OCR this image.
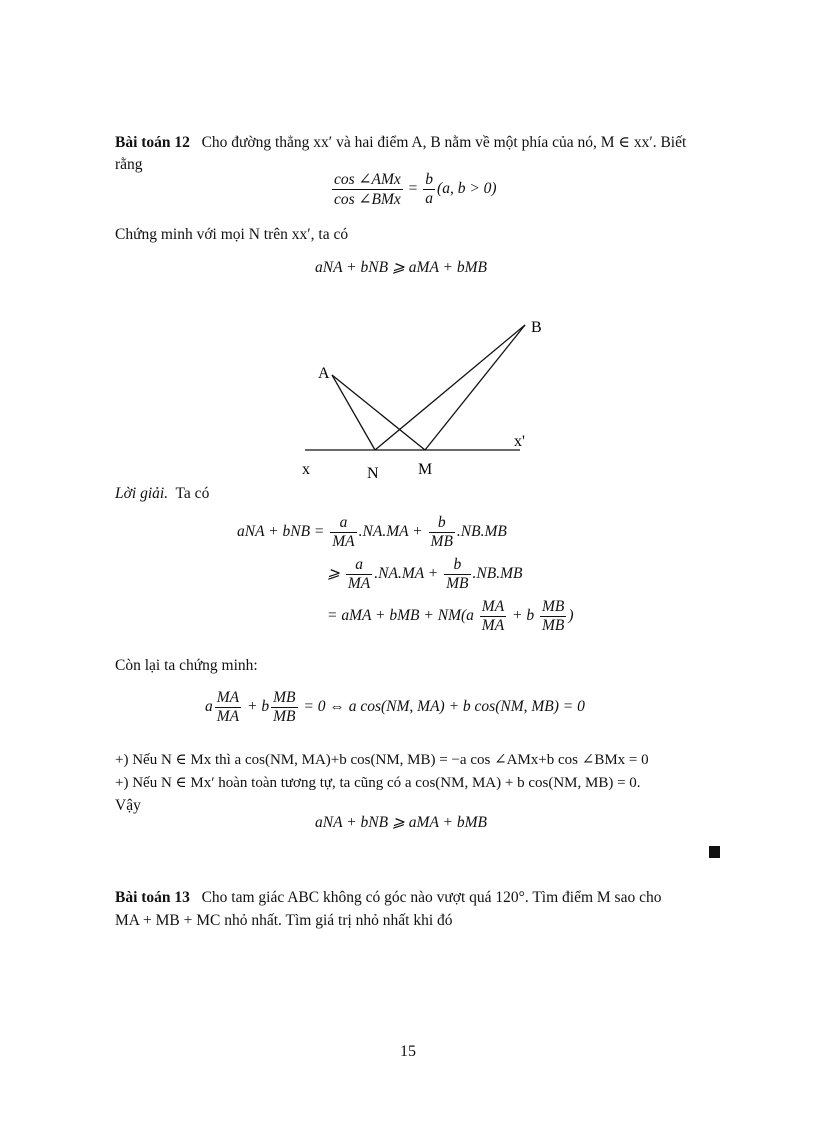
Bài toán 12 Cho đường thẳng xx′ và hai điểm A, B nằm về một phía của nó, M ∈ xx′. Biết
rằng
$\frac{\text{cos ∠AMx}}{\text{cos ∠BMx}} = \frac{b}{a} (a$, b > 0)
Chứng minh với mọi N trên xx′, ta có
aNA + bNB ⩾ aMA + bMB
A
B
x
x'
N M
Lời giải. Ta có
aNA + bNB = $\frac{a}{MA} .NA.MA + \frac{b}{MB} .NB.MB$
⩾ $\frac{a}{MA} .NA.MA + \frac{b}{MB} .NB.MB$
= aMA + bMB + $NM(a \frac{MA}{MA} + b \frac{MB}{MB}$ )
Còn lại ta chứng minh:
a $\frac{MA}{MA} + b \frac{MB}{MB} = 0$ ⇔ a cos(NM, MA) + b cos(NM, MB) = 0
+) Nếu N ∈ Mx thì a cos(NM, MA)+b cos(NM, MB) = −a cos ∠AMx+b cos ∠BMx = 0
+) Nếu N ∈ Mx′ hoàn toàn tương tự, ta cũng có a cos(NM, MA) + b cos(NM, MB) = 0.
Vậy
aNA + bNB ⩾ aMA + bMB
Bài toán 13 Cho tam giác ABC không có góc nào vượt quá 120°. Tìm điểm M sao cho
MA + MB + MC nhỏ nhất. Tìm giá trị nhỏ nhất khi đó
15
